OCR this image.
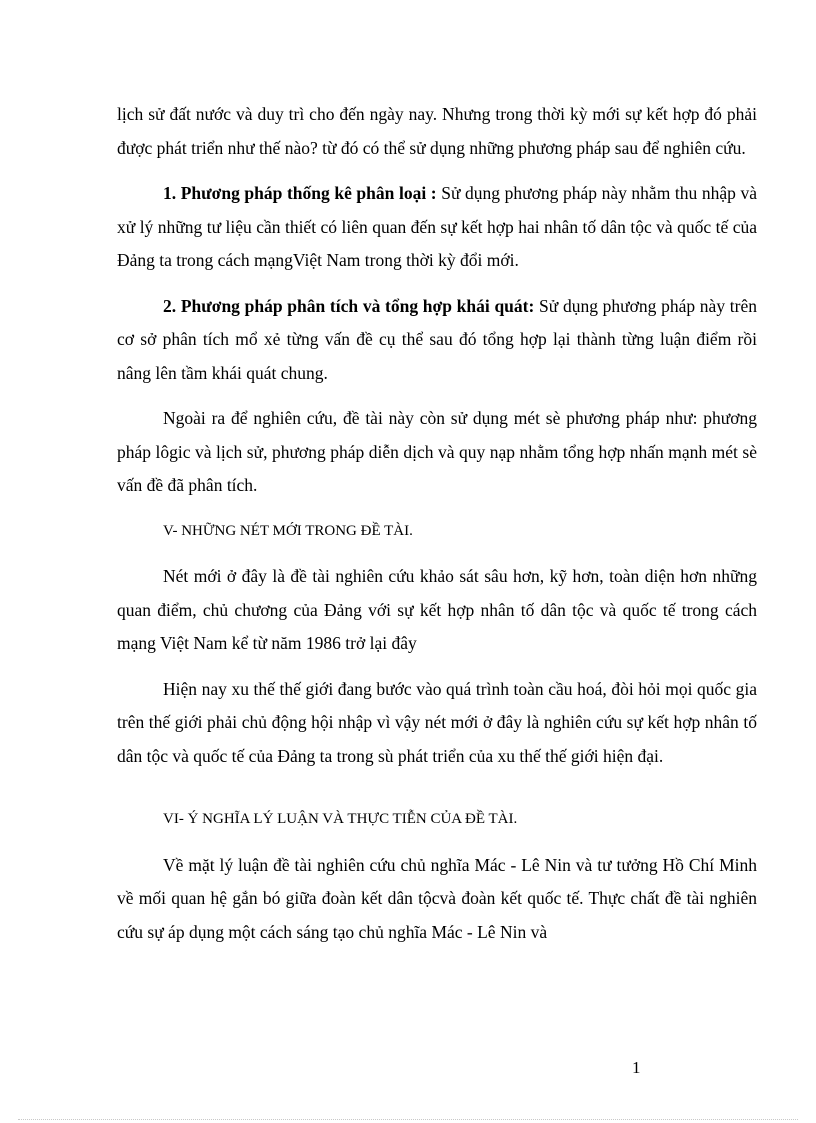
lịch sử đất nước và duy trì cho đến ngày nay. Nhưng trong thời kỳ mới sự kết hợp đó phải được phát triển như thế nào? từ đó có thể sử dụng những phương pháp sau để nghiên cứu.

1. Phương pháp thống kê phân loại : Sử dụng phương pháp này nhằm thu nhập và xử lý những tư liệu cần thiết có liên quan đến sự kết hợp hai nhân tố dân tộc và quốc tế của Đảng ta trong cách mạngViệt Nam trong thời kỳ đổi mới.

2. Phương pháp phân tích và tổng hợp khái quát: Sử dụng phương pháp này trên cơ sở phân tích mổ xẻ từng vấn đề cụ thể sau đó tổng hợp lại thành từng luận điểm rồi nâng lên tầm khái quát chung.

Ngoài ra để nghiên cứu, đề tài này còn sử dụng mét sè phương pháp như: phương pháp lôgic và lịch sử, phương pháp diễn dịch và quy nạp nhằm tổng hợp nhấn mạnh mét sè vấn đề đã phân tích.

V- NHỮNG NÉT MỚI TRONG ĐỀ TÀI.

Nét mới ở đây là đề tài nghiên cứu khảo sát sâu hơn, kỹ hơn, toàn diện hơn những quan điểm, chủ chương của Đảng với sự kết hợp nhân tố dân tộc và quốc tế trong cách mạng Việt Nam kể từ năm 1986 trở lại đây

Hiện nay xu thế thế giới đang bước vào quá trình toàn cầu hoá, đòi hỏi mọi quốc gia trên thế giới phải chủ động hội nhập vì vậy nét mới ở đây là nghiên cứu sự kết hợp nhân tố dân tộc và quốc tế của Đảng ta trong sù phát triển của xu thế thế giới hiện đại.

VI- Ý NGHĨA LÝ LUẬN VÀ THỰC TIỄN CỦA ĐỀ TÀI.

Về mặt lý luận đề tài nghiên cứu chủ nghĩa Mác - Lê Nin và tư tưởng Hồ Chí Minh về mối quan hệ gắn bó giữa đoàn kết dân tộcvà đoàn kết quốc tế. Thực chất đề tài nghiên cứu sự áp dụng một cách sáng tạo chủ nghĩa Mác - Lê Nin và

1
